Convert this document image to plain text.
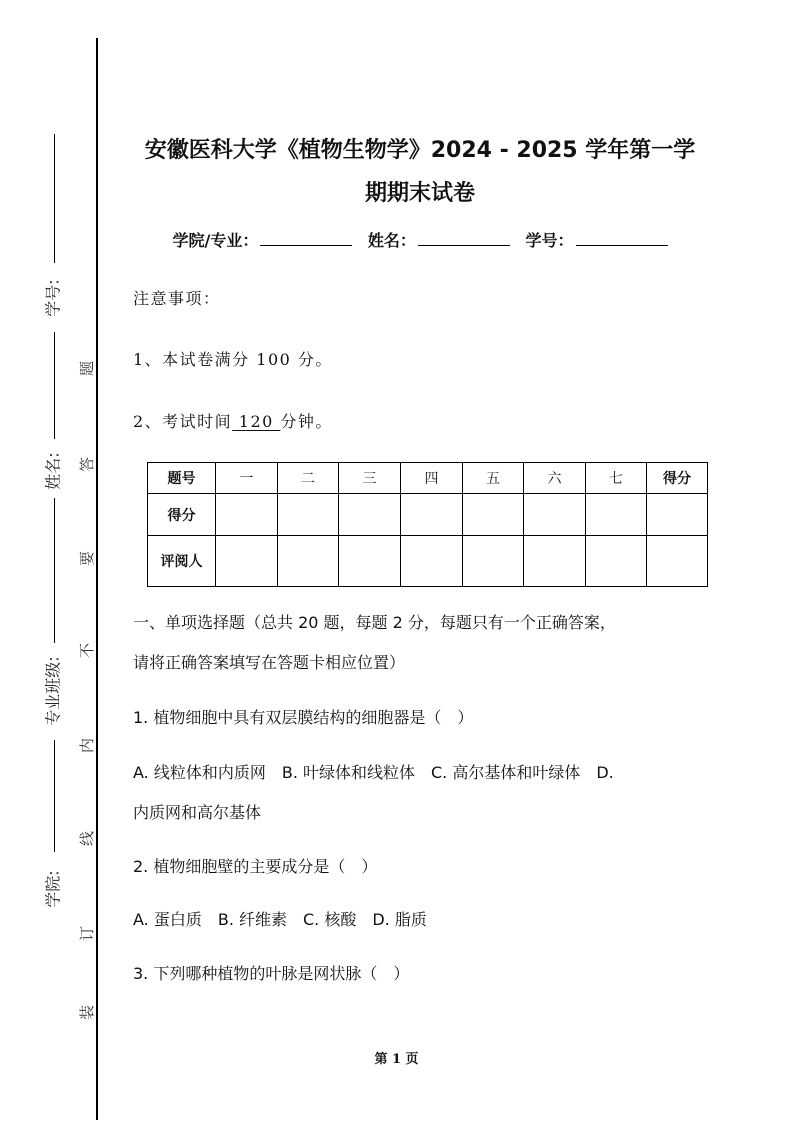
学号:
姓名:
专业班级:
学院:
题
答
要
不
内
线
订
装
安徽医科大学《植物生物学》2024 - 2025 学年第一学
期期末试卷
学院/专业：	姓名：	学号：
注意事项：
1、本试卷满分 100 分。
2、考试时间 120 分钟。
题号	一	二	三	四	五	六	七	得分
得分								
评阅人								
一、单项选择题（总共 20 题，每题 2 分，每题只有一个正确答案，
请将正确答案填写在答题卡相应位置）
1. 植物细胞中具有双层膜结构的细胞器是（　）
A. 线粒体和内质网　B. 叶绿体和线粒体　C. 高尔基体和叶绿体　D.
内质网和高尔基体
2. 植物细胞壁的主要成分是（　）
A. 蛋白质　B. 纤维素　C. 核酸　D. 脂质
3. 下列哪种植物的叶脉是网状脉（　）
第 1 页
